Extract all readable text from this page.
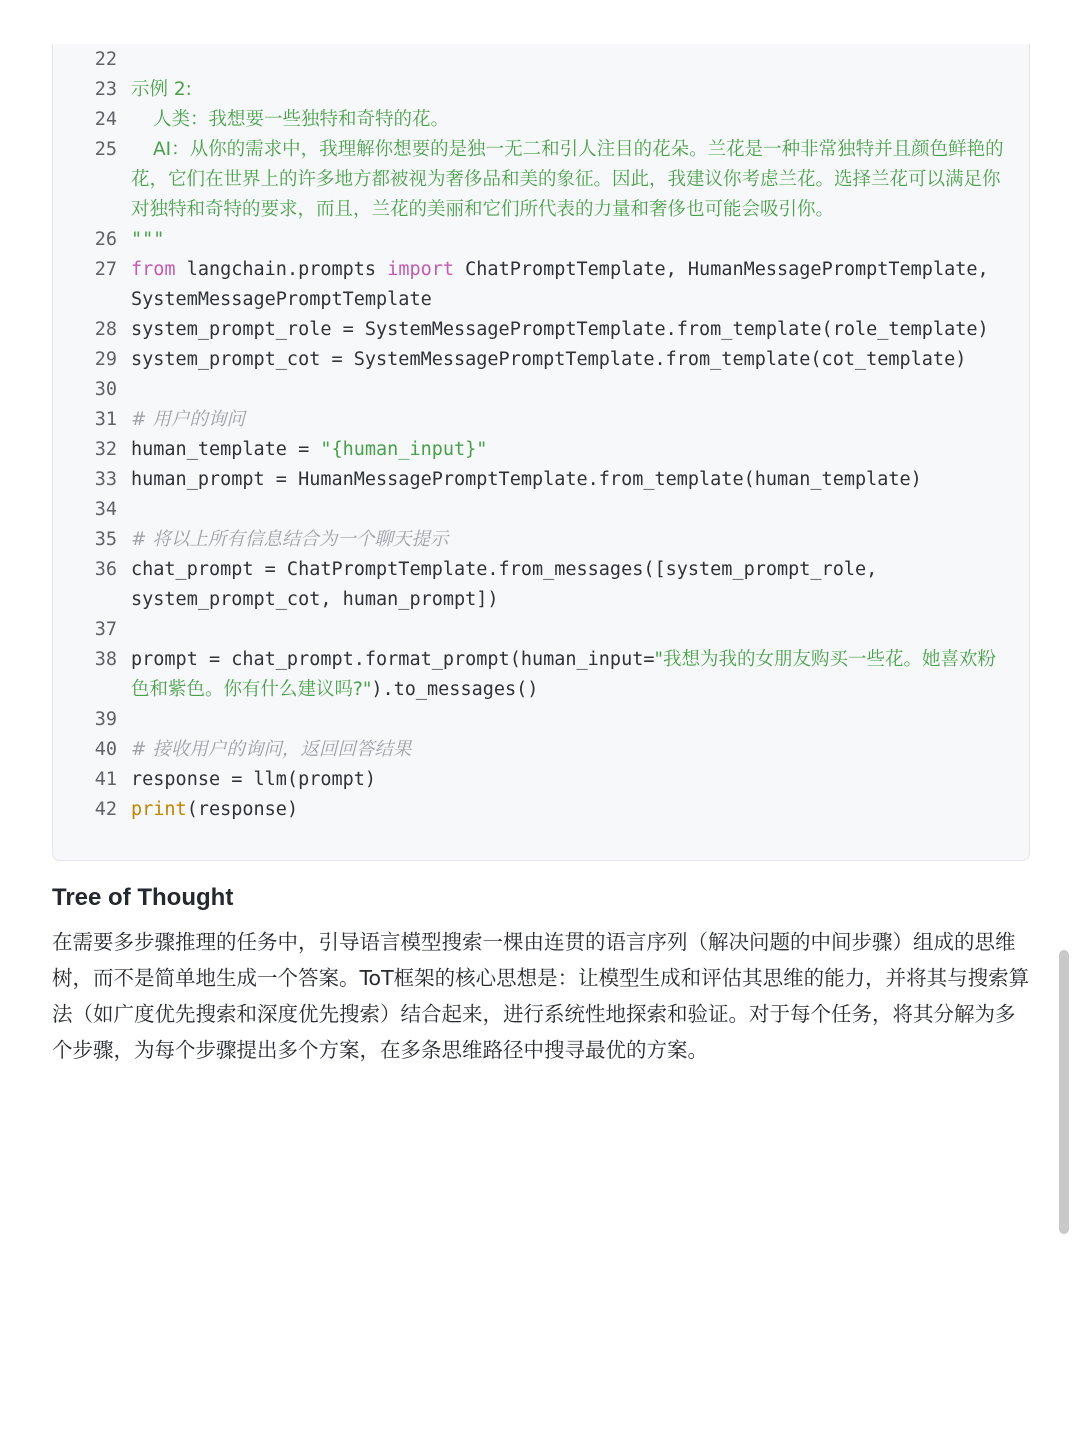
22
23 示例 2:
24	人类：我想要一些独特和奇特的花。
25	AI：从你的需求中，我理解你想要的是独一无二和引人注目的花朵。兰花是一种非常独特并且颜色鲜艳的花，它们在世界上的许多地方都被视为奢侈品和美的象征。因此，我建议你考虑兰花。选择兰花可以满足你对独特和奇特的要求，而且，兰花的美丽和它们所代表的力量和奢侈也可能会吸引你。
26 """
27 from langchain.prompts import ChatPromptTemplate, HumanMessagePromptTemplate, SystemMessagePromptTemplate
28 system_prompt_role = SystemMessagePromptTemplate.from_template(role_template)
29 system_prompt_cot = SystemMessagePromptTemplate.from_template(cot_template)
30
31 # 用户的询问
32 human_template = "{human_input}"
33 human_prompt = HumanMessagePromptTemplate.from_template(human_template)
34
35 # 将以上所有信息结合为一个聊天提示
36 chat_prompt = ChatPromptTemplate.from_messages([system_prompt_role, system_prompt_cot, human_prompt])
37
38 prompt = chat_prompt.format_prompt(human_input="我想为我的女朋友购买一些花。她喜欢粉色和紫色。你有什么建议吗?").to_messages()
39
40 # 接收用户的询问，返回回答结果
41 response = llm(prompt)
42 print(response)
Tree of Thought

在需要多步骤推理的任务中，引导语言模型搜索一棵由连贯的语言序列（解决问题的中间步骤）组成的思维树，而不是简单地生成一个答案。ToT框架的核心思想是：让模型生成和评估其思维的能力，并将其与搜索算法（如广度优先搜索和深度优先搜索）结合起来，进行系统性地探索和验证。对于每个任务，将其分解为多个步骤，为每个步骤提出多个方案，在多条思维路径中搜寻最优的方案。
